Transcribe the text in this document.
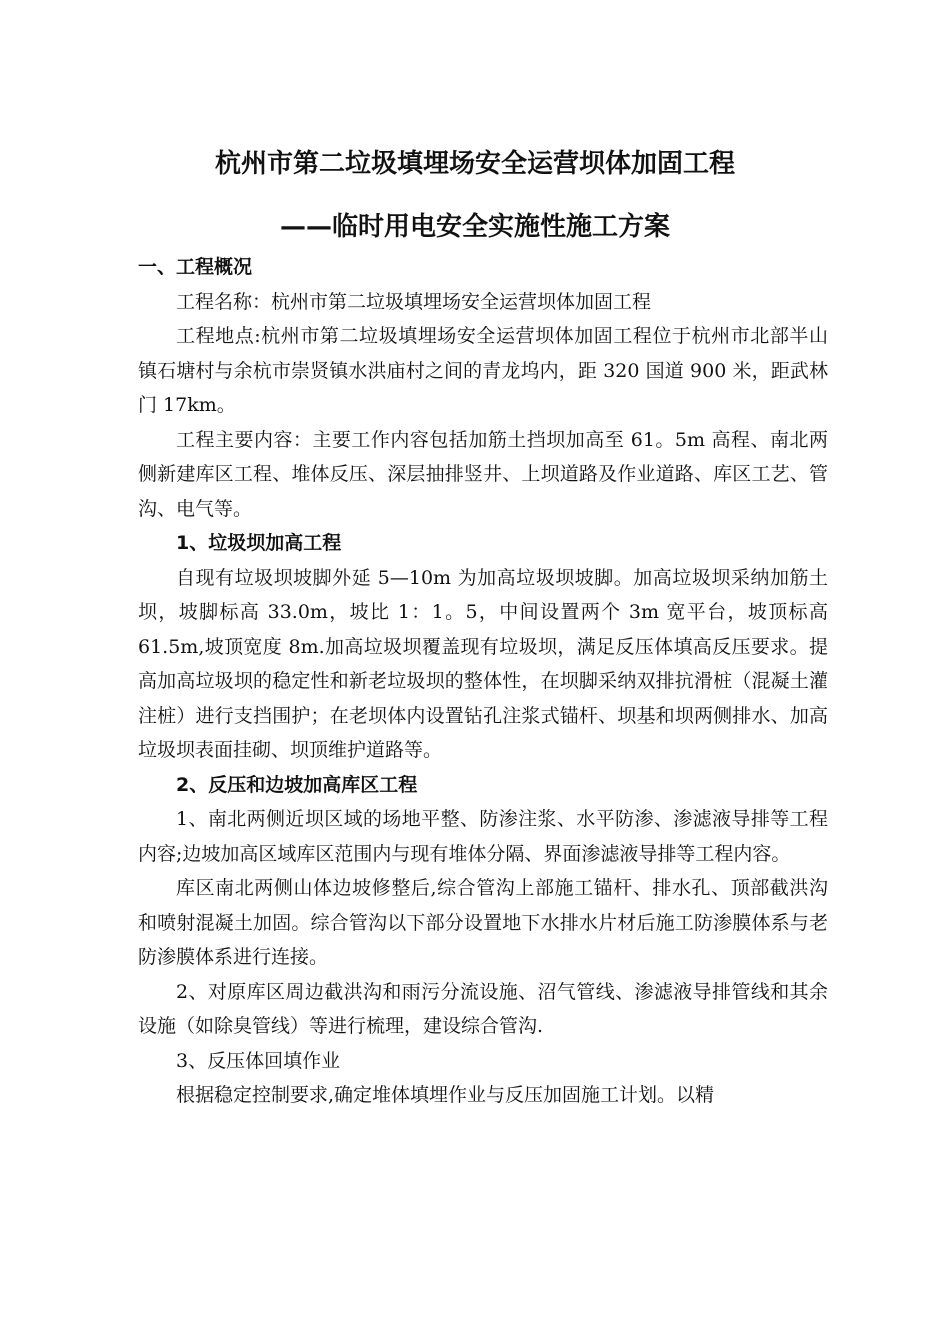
杭州市第二垃圾填埋场安全运营坝体加固工程
——临时用电安全实施性施工方案

一、工程概况

工程名称：杭州市第二垃圾填埋场安全运营坝体加固工程

工程地点:杭州市第二垃圾填埋场安全运营坝体加固工程位于杭州市北部半山镇石塘村与余杭市崇贤镇水洪庙村之间的青龙坞内，距 320 国道 900 米，距武林门 17km。

工程主要内容：主要工作内容包括加筋土挡坝加高至 61。5m 高程、南北两侧新建库区工程、堆体反压、深层抽排竖井、上坝道路及作业道路、库区工艺、管沟、电气等。

1、垃圾坝加高工程

自现有垃圾坝坡脚外延 5—10m 为加高垃圾坝坡脚。加高垃圾坝采纳加筋土坝，坡脚标高 33.0m，坡比 1：1。5，中间设置两个 3m 宽平台，坡顶标高 61.5m,坡顶宽度 8m.加高垃圾坝覆盖现有垃圾坝，满足反压体填高反压要求。提高加高垃圾坝的稳定性和新老垃圾坝的整体性，在坝脚采纳双排抗滑桩（混凝土灌注桩）进行支挡围护；在老坝体内设置钻孔注浆式锚杆、坝基和坝两侧排水、加高垃圾坝表面挂砌、坝顶维护道路等。

2、反压和边坡加高库区工程

1、南北两侧近坝区域的场地平整、防渗注浆、水平防渗、渗滤液导排等工程内容;边坡加高区域库区范围内与现有堆体分隔、界面渗滤液导排等工程内容。

库区南北两侧山体边坡修整后,综合管沟上部施工锚杆、排水孔、顶部截洪沟和喷射混凝土加固。综合管沟以下部分设置地下水排水片材后施工防渗膜体系与老防渗膜体系进行连接。

2、对原库区周边截洪沟和雨污分流设施、沼气管线、渗滤液导排管线和其余设施（如除臭管线）等进行梳理，建设综合管沟.

3、反压体回填作业

根据稳定控制要求,确定堆体填埋作业与反压加固施工计划。以精
